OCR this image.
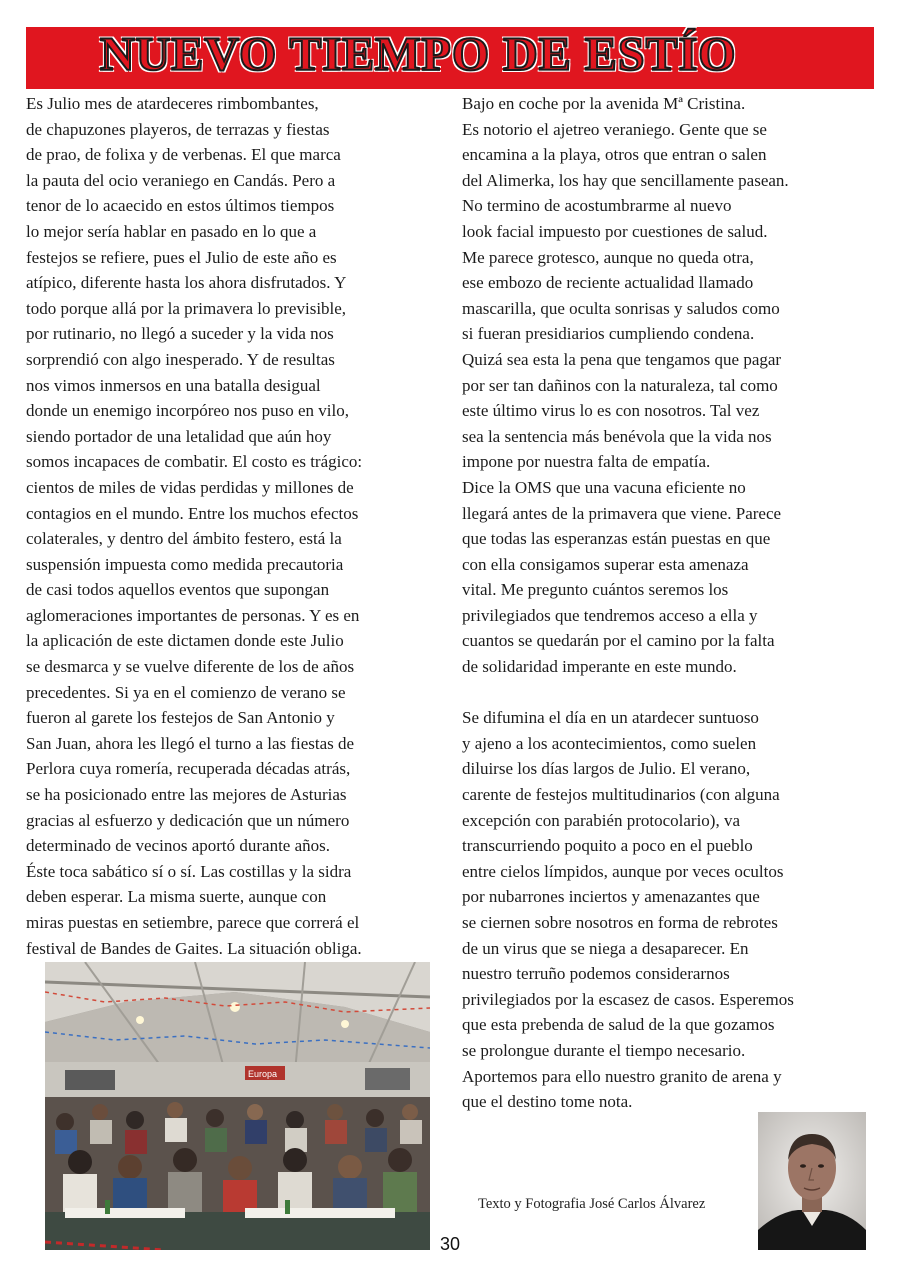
NUEVO TIEMPO DE ESTÍO
Es Julio mes de atardeceres rimbombantes,
de chapuzones playeros, de terrazas y fiestas
de prao, de folixa y de verbenas. El que marca
la pauta del ocio veraniego en Candás. Pero a
tenor de lo acaecido en estos últimos tiempos
lo mejor sería hablar en pasado en lo que a
festejos se refiere, pues el Julio de este año es
atípico, diferente hasta los ahora disfrutados. Y
todo porque allá por la primavera lo previsible,
por rutinario, no llegó a suceder y la vida nos
sorprendió con algo inesperado. Y de resultas
nos vimos inmersos en una batalla desigual
donde un enemigo incorpóreo nos puso en vilo,
siendo portador de una letalidad que aún hoy
somos incapaces de combatir. El costo es trágico:
cientos de miles de vidas perdidas y millones de
contagios en el mundo. Entre los muchos efectos
colaterales, y dentro del ámbito festero, está la
suspensión impuesta como medida precautoria
de casi todos aquellos eventos que supongan
aglomeraciones importantes de personas. Y es en
la aplicación de este dictamen donde este Julio
se desmarca y se vuelve diferente de los de años
precedentes. Si ya en el comienzo de verano se
fueron al garete los festejos de San Antonio y
San Juan, ahora les llegó el turno a las fiestas de
Perlora cuya romería, recuperada décadas atrás,
se ha posicionado entre las mejores de Asturias
gracias al esfuerzo y dedicación que un número
determinado de vecinos aportó durante años.
Éste toca sabático sí o sí. Las costillas y la sidra
deben esperar. La misma suerte, aunque con
miras puestas en setiembre, parece que correrá el
festival de Bandes de Gaites. La situación obliga.
Bajo en coche por la avenida Mª Cristina.
Es notorio el ajetreo veraniego. Gente que se
encamina a la playa, otros que entran o salen
del Alimerka, los hay que sencillamente pasean.
No termino de acostumbrarme al nuevo
look facial impuesto por cuestiones de salud.
Me parece grotesco, aunque no queda otra,
ese embozo de reciente actualidad llamado
mascarilla, que oculta sonrisas y saludos como
si fueran presidiarios cumpliendo condena.
Quizá sea esta la pena que tengamos que pagar
por ser tan dañinos con la naturaleza, tal como
este último virus lo es con nosotros. Tal vez
sea la sentencia más benévola que la vida nos
impone por nuestra falta de empatía.
Dice la OMS que una vacuna eficiente no
llegará antes de la primavera que viene. Parece
que todas las esperanzas están puestas en que
con ella consigamos superar esta amenaza
vital. Me pregunto cuántos seremos los
privilegiados que tendremos acceso a ella y
cuantos se quedarán por el camino por la falta
de solidaridad imperante en este mundo.

Se difumina el día en un atardecer suntuoso
y ajeno a los acontecimientos, como suelen
diluirse los días largos de Julio. El verano,
carente de festejos multitudinarios (con alguna
excepción con parabién protocolario), va
transcurriendo poquito a poco en el pueblo
entre cielos límpidos, aunque por veces ocultos
por nubarrones inciertos y amenazantes que
se ciernen sobre nosotros en forma de rebrotes
de un virus que se niega a desaparecer. En
nuestro terruño podemos considerarnos
privilegiados por la escasez de casos. Esperemos
que esta prebenda de salud de la que gozamos
se prolongue durante el tiempo necesario.
Aportemos para ello nuestro granito de arena y
que el destino tome nota.
Europa
Texto y Fotografia José Carlos Álvarez
30
